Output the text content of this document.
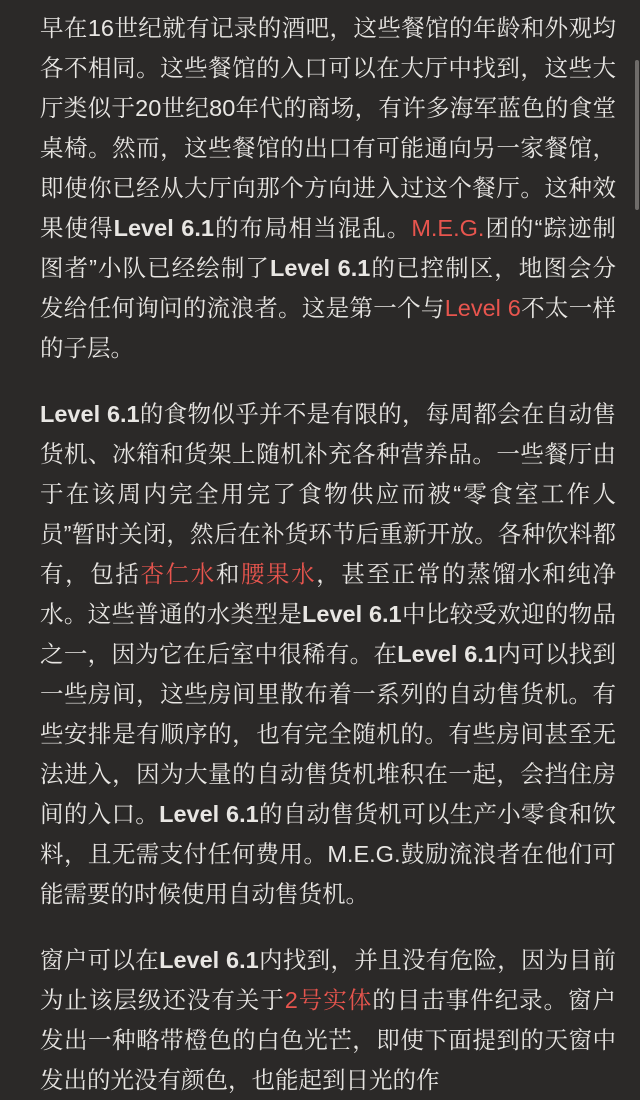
早在16世纪就有记录的酒吧，这些餐馆的年龄和外观均各不相同。这些餐馆的入口可以在大厅中找到，这些大厅类似于20世纪80年代的商场，有许多海军蓝色的食堂桌椅。然而，这些餐馆的出口有可能通向另一家餐馆，即使你已经从大厅向那个方向进入过这个餐厅。这种效果使得Level 6.1的布局相当混乱。M.E.G.团的“踪迹制图者”小队已经绘制了Level 6.1的已控制区，地图会分发给任何询问的流浪者。这是第一个与Level 6不太一样的子层。

Level 6.1的食物似乎并不是有限的，每周都会在自动售货机、冰箱和货架上随机补充各种营养品。一些餐厅由于在该周内完全用完了食物供应而被“零食室工作人员”暂时关闭，然后在补货环节后重新开放。各种饮料都有，包括杏仁水和腰果水，甚至正常的蒸馏水和纯净水。这些普通的水类型是Level 6.1中比较受欢迎的物品之一，因为它在后室中很稀有。在Level 6.1内可以找到一些房间，这些房间里散布着一系列的自动售货机。有些安排是有顺序的，也有完全随机的。有些房间甚至无法进入，因为大量的自动售货机堆积在一起，会挡住房间的入口。Level 6.1的自动售货机可以生产小零食和饮料，且无需支付任何费用。M.E.G.鼓励流浪者在他们可能需要的时候使用自动售货机。

窗户可以在Level 6.1内找到，并且没有危险，因为目前为止该层级还没有关于2号实体的目击事件纪录。窗户发出一种略带橙色的白色光芒，即使下面提到的天窗中发出的光没有颜色，也能起到日光的作
